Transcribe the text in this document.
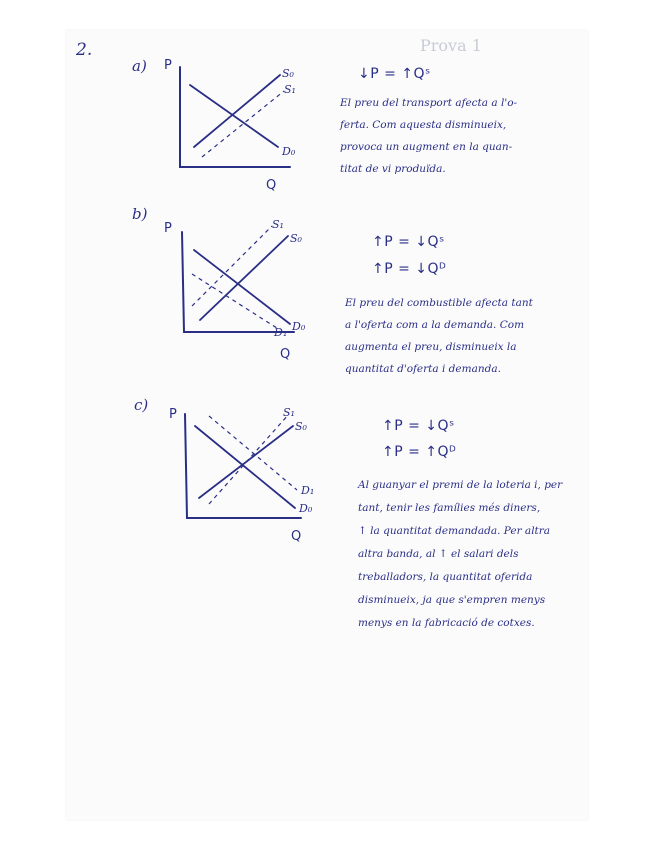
Prova 1
2.
a) P
Q
S₀
S₁
D₀
↓P = ↑Qˢ
El preu del transport afecta a l'o-
ferta. Com aquesta disminueix,
provoca un augment en la quan-
titat de vi produïda.
b)
P
Q
S₁
S₀
D₁ D₀
↑P = ↓Qˢ
↑P = ↓Qᴰ
El preu del combustible afecta tant
a l'oferta com a la demanda. Com
augmenta el preu, disminueix la
quantitat d'oferta i demanda.
c)
P
Q
S₁
S₀
D₁
D₀
↑P = ↓Qˢ
↑P = ↑Qᴰ
Al guanyar el premi de la loteria i, per
tant, tenir les famílies més diners,
↑ la quantitat demandada. Per altra
altra banda, al ↑ el salari dels
treballadors, la quantitat oferida
disminueix, ja que s'empren menys
menys en la fabricació de cotxes.
